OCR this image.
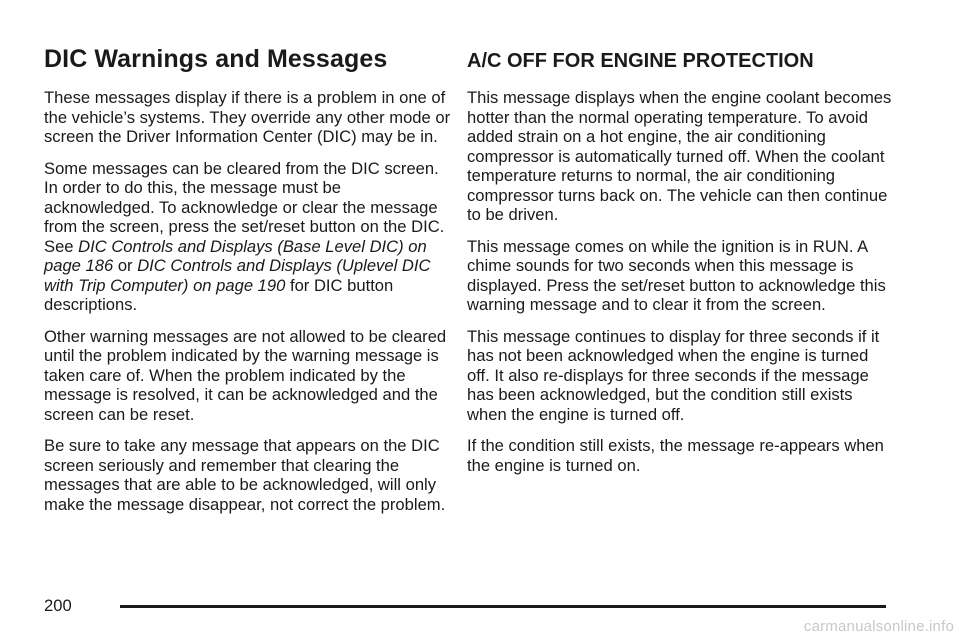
DIC Warnings and Messages

These messages display if there is a problem in one of the vehicle’s systems. They override any other mode or screen the Driver Information Center (DIC) may be in.

Some messages can be cleared from the DIC screen. In order to do this, the message must be acknowledged. To acknowledge or clear the message from the screen, press the set/reset button on the DIC. See DIC Controls and Displays (Base Level DIC) on page 186 or DIC Controls and Displays (Uplevel DIC with Trip Computer) on page 190 for DIC button descriptions.

Other warning messages are not allowed to be cleared until the problem indicated by the warning message is taken care of. When the problem indicated by the message is resolved, it can be acknowledged and the screen can be reset.

Be sure to take any message that appears on the DIC screen seriously and remember that clearing the messages that are able to be acknowledged, will only make the message disappear, not correct the problem.

A/C OFF FOR ENGINE PROTECTION

This message displays when the engine coolant becomes hotter than the normal operating temperature. To avoid added strain on a hot engine, the air conditioning compressor is automatically turned off. When the coolant temperature returns to normal, the air conditioning compressor turns back on. The vehicle can then continue to be driven.

This message comes on while the ignition is in RUN. A chime sounds for two seconds when this message is displayed. Press the set/reset button to acknowledge this warning message and to clear it from the screen.

This message continues to display for three seconds if it has not been acknowledged when the engine is turned off. It also re-displays for three seconds if the message has been acknowledged, but the condition still exists when the engine is turned off.

If the condition still exists, the message re-appears when the engine is turned on.

200
carmanualsonline.info
